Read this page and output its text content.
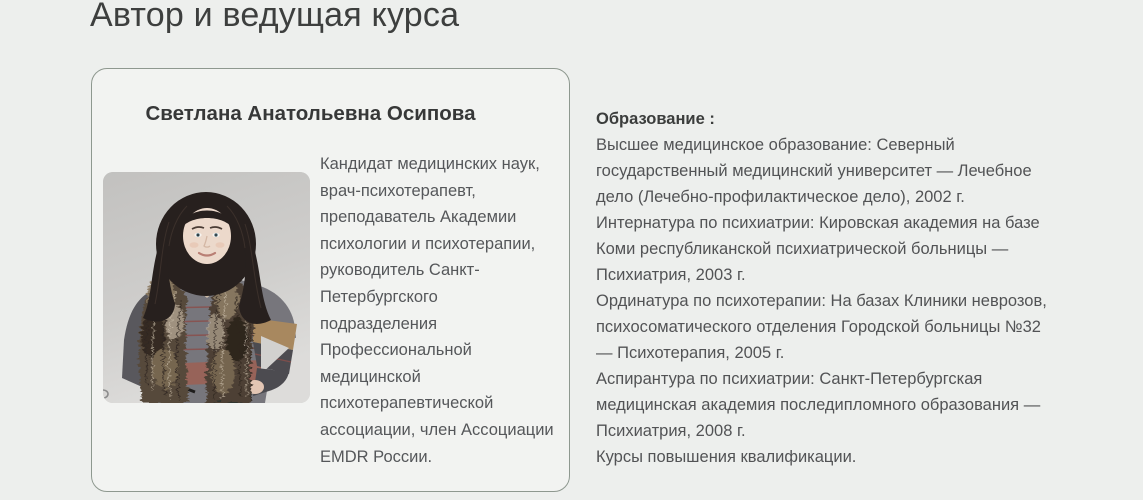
Автор и ведущая курса
Светлана Анатольевна Осипова
Кандидат медицинских наук, врач-психотерапевт, преподаватель Академии психологии и психотерапии, руководитель Санкт-Петербургского подразделения Профессиональной медицинской психотерапевтической ассоциации, член Ассоциации EMDR России.
Образование :
Высшее медицинское образование: Северный государственный медицинский университет — Лечебное дело (Лечебно-профилактическое дело), 2002 г.
Интернатура по психиатрии: Кировская академия на базе Коми республиканской психиатрической больницы — Психиатрия, 2003 г.
Ординатура по психотерапии: На базах Клиники неврозов, психосоматического отделения Городской больницы №32 — Психотерапия, 2005 г.
Аспирантура по психиатрии: Санкт-Петербургская медицинская академия последипломного образования — Психиатрия, 2008 г.
Курсы повышения квалификации.
